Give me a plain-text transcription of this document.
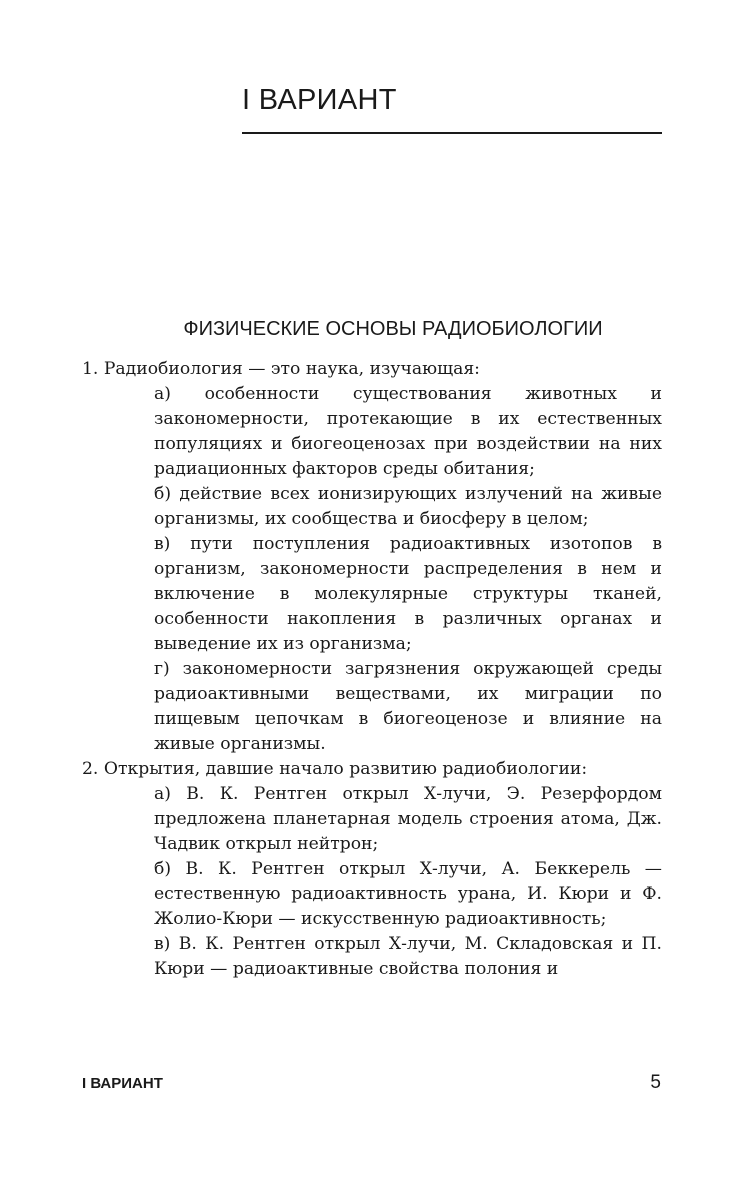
I ВАРИАНТ
ФИЗИЧЕСКИЕ ОСНОВЫ РАДИОБИОЛОГИИ
1. Радиобиология — это наука, изучающая:
а) особенности существования животных и закономерности, протекающие в их естественных популяциях и биогеоценозах при воздействии на них радиационных факторов среды обитания;
б) действие всех ионизирующих излучений на живые организмы, их сообщества и биосферу в целом;
в) пути поступления радиоактивных изотопов в организм, закономерности распределения в нем и включение в молекулярные структуры тканей, особенности накопления в различных органах и выведение их из организма;
г) закономерности загрязнения окружающей среды радиоактивными веществами, их миграции по пищевым цепочкам в биогеоценозе и влияние на живые организмы.
2. Открытия, давшие начало развитию радиобиологии:
а) В. К. Рентген открыл Х-лучи, Э. Резерфордом предложена планетарная модель строения атома, Дж. Чадвик открыл нейтрон;
б) В. К. Рентген открыл Х-лучи, А. Беккерель — естественную радиоактивность урана, И. Кюри и Ф. Жолио-Кюри — искусственную радиоактивность;
в) В. К. Рентген открыл Х-лучи, М. Складовская и П. Кюри — радиоактивные свойства полония и
I ВАРИАНТ	5
